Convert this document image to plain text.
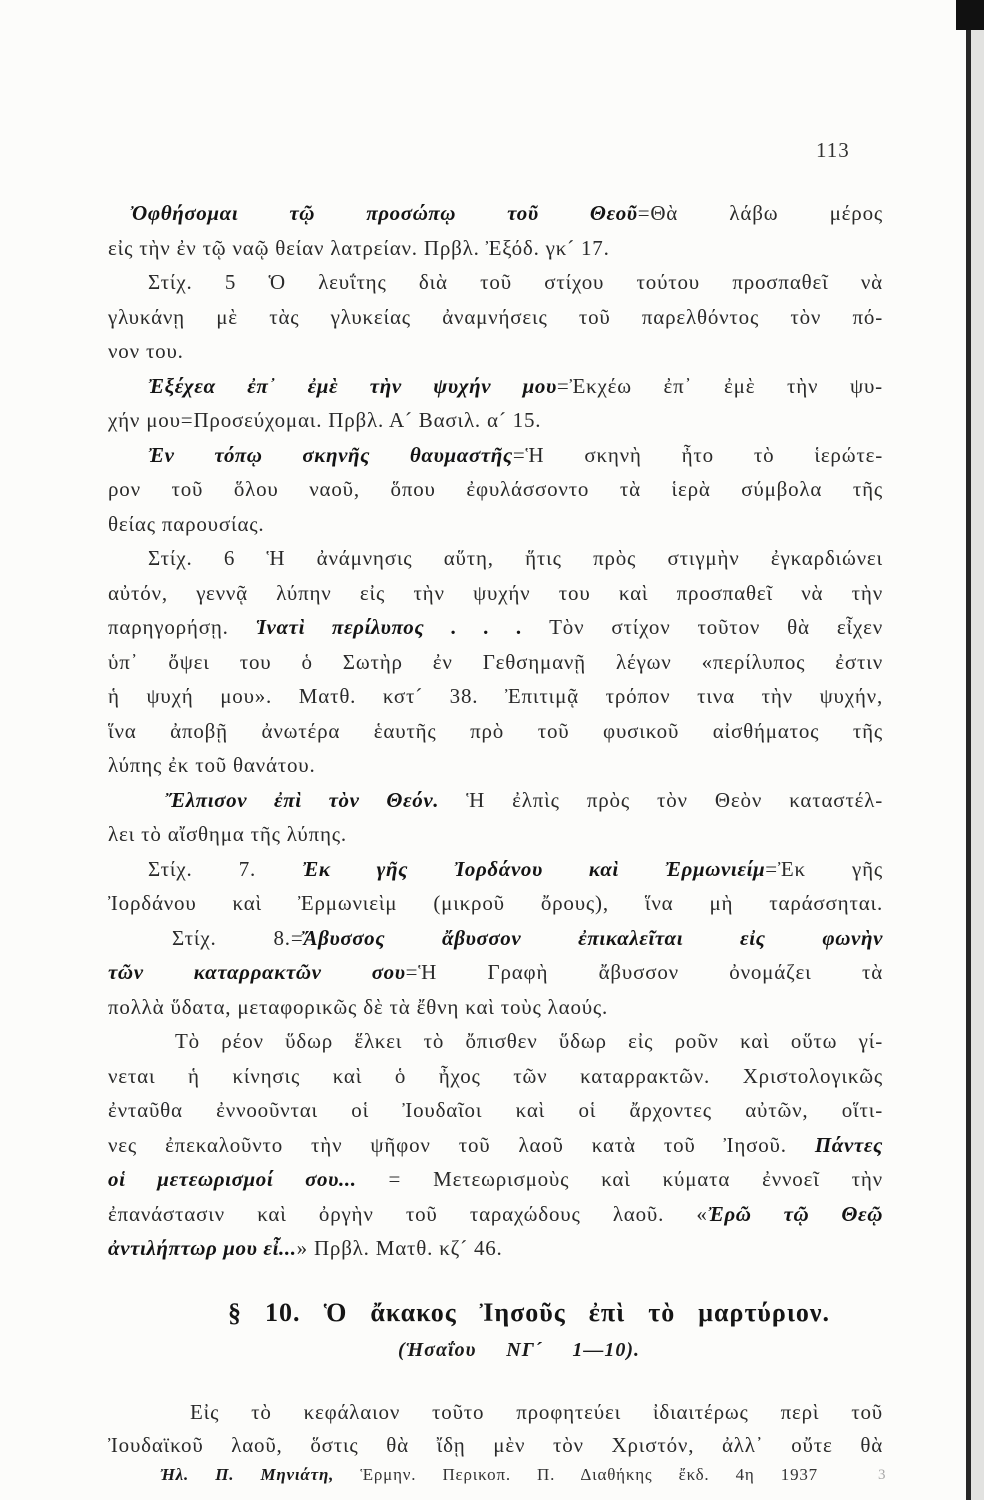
113
Ὀφθήσομαι τῷ προσώπῳ τοῦ Θεοῦ=Θὰ λάβω μέρος
εἰς τὴν ἐν τῷ ναῷ θείαν λατρείαν. Πρβλ. Ἐξόδ. γκ´ 17.
Στίχ. 5 Ὁ λευΐτης διὰ τοῦ στίχου τούτου προσπαθεῖ νὰ
γλυκάνῃ μὲ τὰς γλυκείας ἀναμνήσεις τοῦ παρελθόντος τὸν πό-
νον του.
Ἐξέχεα ἐπ᾿ ἐμὲ τὴν ψυχήν μου=Ἐκχέω ἐπ᾿ ἐμὲ τὴν ψυ-
χήν μου=Προσεύχομαι. Πρβλ. Α´ Βασιλ. α´ 15.
Ἐν τόπῳ σκηνῆς θαυμαστῆς=Ἡ σκηνὴ ἦτο τὸ ἱερώτε-
ρον τοῦ ὅλου ναοῦ, ὅπου ἐφυλάσσοντο τὰ ἱερὰ σύμβολα τῆς
θείας παρουσίας.
Στίχ. 6 Ἡ ἀνάμνησις αὕτη, ἥτις πρὸς στιγμὴν ἐγκαρδιώνει
αὐτόν, γεννᾷ λύπην εἰς τὴν ψυχήν του καὶ προσπαθεῖ νὰ τὴν
παρηγορήσῃ. Ἱνατὶ περίλυπος . . . Τὸν στίχον τοῦτον θὰ εἶχεν
ὑπ᾿ ὄψει του ὁ Σωτὴρ ἐν Γεθσημανῇ λέγων «περίλυπος ἐστιν
ἡ ψυχή μου». Ματθ. κστ´ 38. Ἐπιτιμᾷ τρόπον τινα τὴν ψυχήν,
ἵνα ἀποβῇ ἀνωτέρα ἑαυτῆς πρὸ τοῦ φυσικοῦ αἰσθήματος τῆς
λύπης ἐκ τοῦ θανάτου.
Ἔλπισον ἐπὶ τὸν Θεόν. Ἡ ἐλπὶς πρὸς τὸν Θεὸν καταστέλ-
λει τὸ αἴσθημα τῆς λύπης.
Στίχ. 7. Ἐκ γῆς Ἰορδάνου καὶ Ἐρμωνιείμ=Ἐκ γῆς
Ἰορδάνου καὶ Ἐρμωνιεὶμ (μικροῦ ὄρους), ἵνα μὴ ταράσσηται.
Στίχ. 8.=Ἄβυσσος ἄβυσσον ἐπικαλεῖται εἰς φωνὴν
τῶν καταρρακτῶν σου=Ἡ Γραφὴ ἄβυσσον ὀνομάζει τὰ
πολλὰ ὕδατα, μεταφορικῶς δὲ τὰ ἔθνη καὶ τοὺς λαούς.
Τὸ ρέον ὕδωρ ἕλκει τὸ ὄπισθεν ὕδωρ εἰς ροῦν καὶ οὕτω γί-
νεται ἡ κίνησις καὶ ὁ ἦχος τῶν καταρρακτῶν. Χριστολογικῶς
ἐνταῦθα ἐννοοῦνται οἱ Ἰουδαῖοι καὶ οἱ ἄρχοντες αὐτῶν, οἵτι-
νες ἐπεκαλοῦντο τὴν ψῆφον τοῦ λαοῦ κατὰ τοῦ Ἰησοῦ. Πάντες
οἱ μετεωρισμοί σου... = Μετεωρισμοὺς καὶ κύματα ἐννοεῖ τὴν
ἐπανάστασιν καὶ ὀργὴν τοῦ ταραχώδους λαοῦ. «Ἐρῶ τῷ Θεῷ
ἀντιλήπτωρ μου εἶ...» Πρβλ. Ματθ. κζ´ 46.
§ 10. Ὁ ἄκακος Ἰησοῦς ἐπὶ τὸ μαρτύριον.
(Ἡσαΐου ΝΓ´ 1—10).
Εἰς τὸ κεφάλαιον τοῦτο προφητεύει ἰδιαιτέρως περὶ τοῦ
Ἰουδαϊκοῦ λαοῦ, ὅστις θὰ ἴδῃ μὲν τὸν Χριστόν, ἀλλ᾿ οὔτε θὰ
Ἠλ. Π. Μηνιάτη, Ἑρμην. Περικοπ. Π. Διαθήκης ἔκδ. 4η 1937	3
